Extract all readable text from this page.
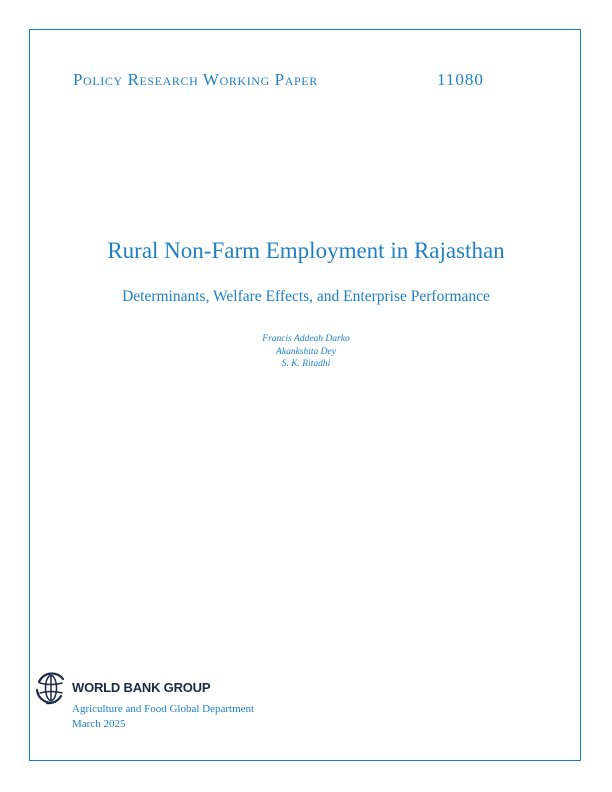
Policy Research Working Paper	11080
Rural Non-Farm Employment in Rajasthan
Determinants, Welfare Effects, and Enterprise Performance
Francis Addeah Darko
Akankshita Dey
S. K. Ritadhi
WORLD BANK GROUP
Agriculture and Food Global Department
March 2025
